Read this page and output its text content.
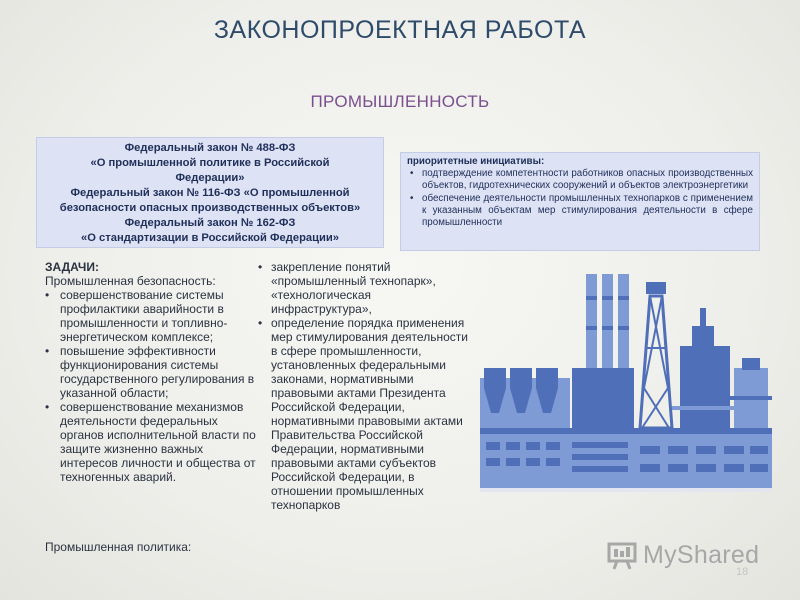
ЗАКОНОПРОЕКТНАЯ РАБОТА
ПРОМЫШЛЕННОСТЬ
Федеральный закон № 488-ФЗ
«О промышленной политике в Российской
Федерации»
Федеральный закон № 116-ФЗ «О промышленной
безопасности опасных производственных объектов»
Федеральный закон № 162-ФЗ
«О стандартизации в Российской Федерации»
приоритетные инициативы:
• подтверждение компетентности работников опасных производственных объектов, гидротехнических сооружений и объектов электроэнергетики
• обеспечение деятельности промышленных технопарков с применением к указанным объектам мер стимулирования деятельности в сфере промышленности
ЗАДАЧИ:
Промышленная безопасность:
• совершенствование системы профилактики аварийности в промышленности и топливно-энергетическом комплексе;
• повышение эффективности функционирования системы государственного регулирования в указанной области;
• совершенствование механизмов деятельности федеральных органов исполнительной власти по защите жизненно важных интересов личности и общества от техногенных аварий.
• закрепление понятий «промышленный технопарк», «технологическая инфраструктура»,
• определение порядка применения мер стимулирования деятельности в сфере промышленности, установленных федеральными законами, нормативными правовыми актами Президента Российской Федерации, нормативными правовыми актами Правительства Российской Федерации, нормативными правовыми актами субъектов Российской Федерации, в отношении промышленных технопарков
Промышленная политика:	MyShared
18
